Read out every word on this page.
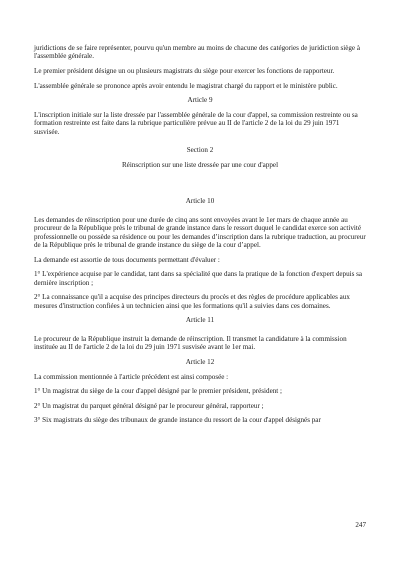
juridictions de se faire représenter, pourvu qu'un membre au moins de chacune des catégories de juridiction siège à l'assemblée générale.

Le premier président désigne un ou plusieurs magistrats du siège pour exercer les fonctions de rapporteur.

L'assemblée générale se prononce après avoir entendu le magistrat chargé du rapport et le ministère public.

Article 9

L'inscription initiale sur la liste dressée par l'assemblée générale de la cour d'appel, sa commission restreinte ou sa formation restreinte est faite dans la rubrique particulière prévue au II de l'article 2 de la loi du 29 juin 1971 susvisée.

Section 2

Réinscription sur une liste dressée par une cour d'appel

Article 10

Les demandes de réinscription pour une durée de cinq ans sont envoyées avant le 1er mars de chaque année au procureur de la République près le tribunal de grande instance dans le ressort duquel le candidat exerce son activité professionnelle ou possède sa résidence ou pour les demandes d’inscription dans la rubrique traduction, au procureur de la République près le tribunal de grande instance du siège de la cour d’appel.

La demande est assortie de tous documents permettant d'évaluer :

1° L'expérience acquise par le candidat, tant dans sa spécialité que dans la pratique de la fonction d'expert depuis sa dernière inscription ;

2° La connaissance qu'il a acquise des principes directeurs du procès et des règles de procédure applicables aux mesures d'instruction confiées à un technicien ainsi que les formations qu'il a suivies dans ces domaines.

Article 11

Le procureur de la République instruit la demande de réinscription. Il transmet la candidature à la commission instituée au II de l'article 2 de la loi du 29 juin 1971 susvisée avant le 1er mai.

Article 12

La commission mentionnée à l'article précédent est ainsi composée :

1° Un magistrat du siège de la cour d'appel désigné par le premier président, président ;

2° Un magistrat du parquet général désigné par le procureur général, rapporteur ;

3° Six magistrats du siège des tribunaux de grande instance du ressort de la cour d'appel désignés par

247
